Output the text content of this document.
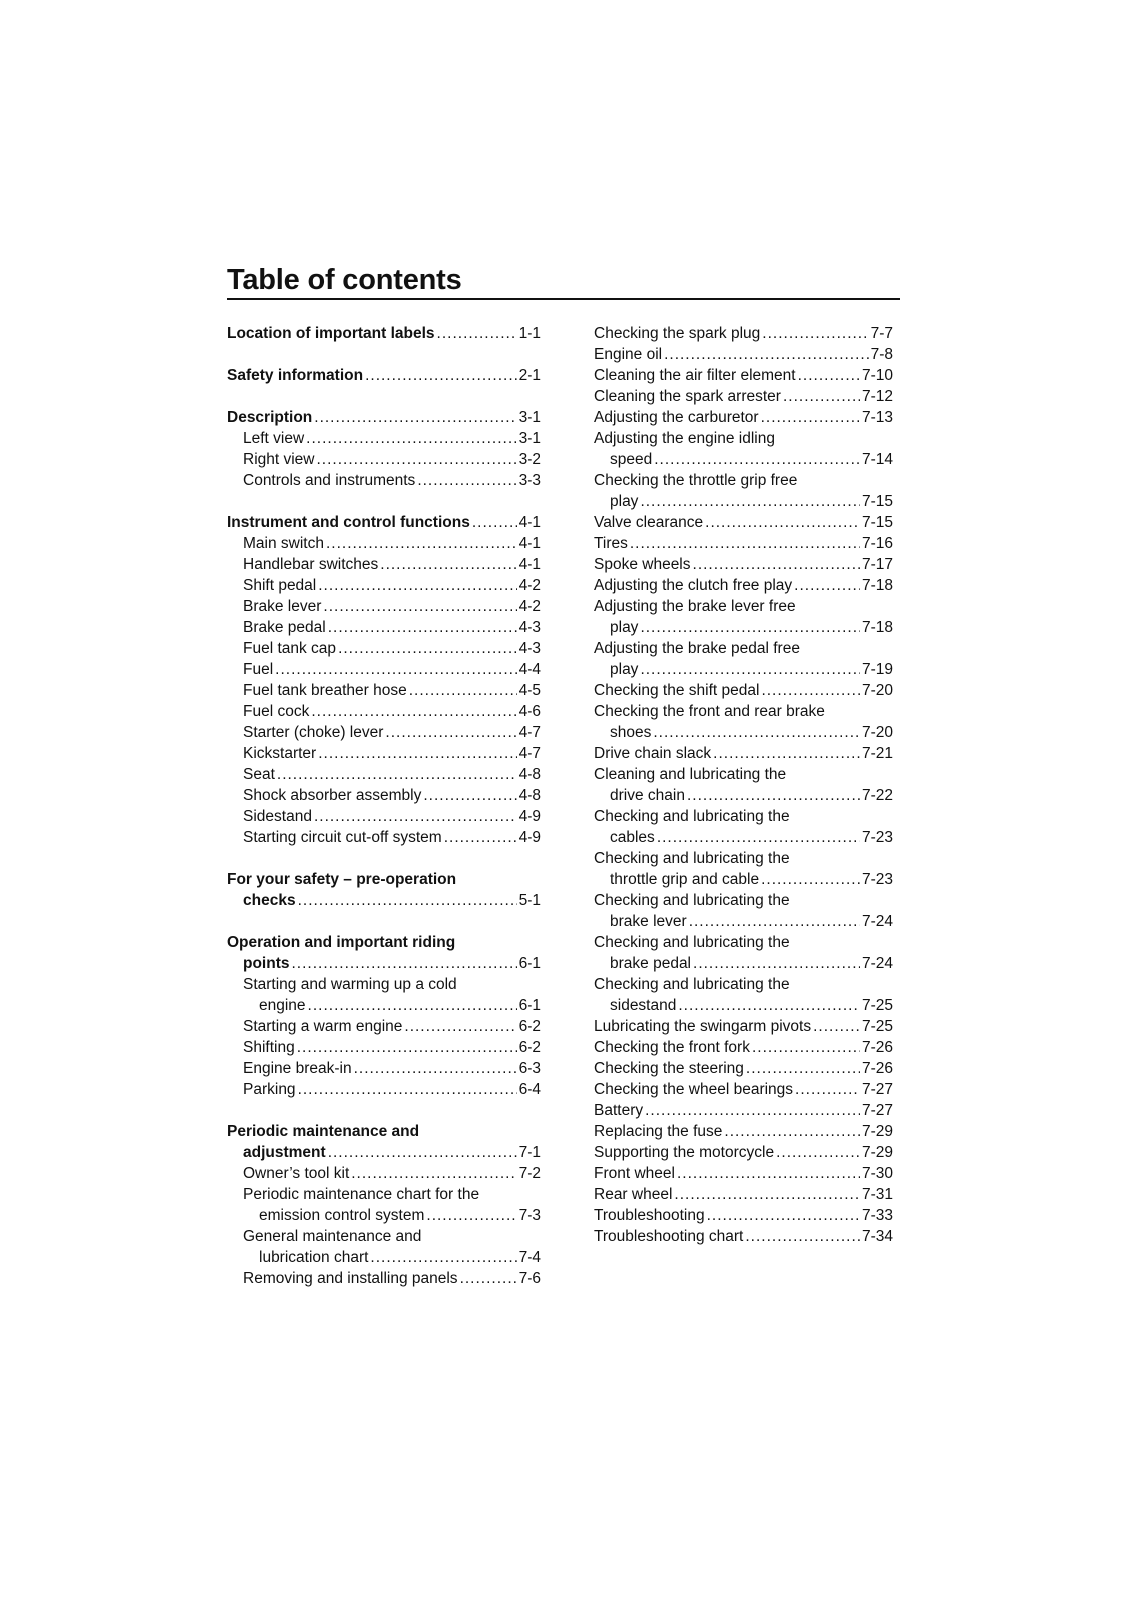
Table of contents
Location of important labels .....	1-1
Safety information .....	2-1
Description .....	3-1
Left view .....	3-1
Right view .....	3-2
Controls and instruments .....	3-3
Instrument and control functions .....	4-1
Main switch .....	4-1
Handlebar switches .....	4-1
Shift pedal .....	4-2
Brake lever .....	4-2
Brake pedal .....	4-3
Fuel tank cap .....	4-3
Fuel .....	4-4
Fuel tank breather hose .....	4-5
Fuel cock .....	4-6
Starter (choke) lever .....	4-7
Kickstarter .....	4-7
Seat .....	4-8
Shock absorber assembly .....	4-8
Sidestand .....	4-9
Starting circuit cut-off system .....	4-9
For your safety – pre-operation
checks .....	5-1
Operation and important riding
points .....	6-1
Starting and warming up a cold
engine .....	6-1
Starting a warm engine .....	6-2
Shifting .....	6-2
Engine break-in .....	6-3
Parking .....	6-4
Periodic maintenance and
adjustment .....	7-1
Owner’s tool kit .....	7-2
Periodic maintenance chart for the
emission control system .....	7-3
General maintenance and
lubrication chart .....	7-4
Removing and installing panels .....	7-6
Checking the spark plug .....	7-7
Engine oil .....	7-8
Cleaning the air filter element .....	7-10
Cleaning the spark arrester .....	7-12
Adjusting the carburetor .....	7-13
Adjusting the engine idling
speed .....	7-14
Checking the throttle grip free
play .....	7-15
Valve clearance .....	7-15
Tires .....	7-16
Spoke wheels .....	7-17
Adjusting the clutch free play .....	7-18
Adjusting the brake lever free
play .....	7-18
Adjusting the brake pedal free
play .....	7-19
Checking the shift pedal .....	7-20
Checking the front and rear brake
shoes .....	7-20
Drive chain slack .....	7-21
Cleaning and lubricating the
drive chain .....	7-22
Checking and lubricating the
cables .....	7-23
Checking and lubricating the
throttle grip and cable .....	7-23
Checking and lubricating the
brake lever .....	7-24
Checking and lubricating the
brake pedal .....	7-24
Checking and lubricating the
sidestand .....	7-25
Lubricating the swingarm pivots .....	7-25
Checking the front fork .....	7-26
Checking the steering .....	7-26
Checking the wheel bearings .....	7-27
Battery .....	7-27
Replacing the fuse .....	7-29
Supporting the motorcycle .....	7-29
Front wheel .....	7-30
Rear wheel .....	7-31
Troubleshooting .....	7-33
Troubleshooting chart .....	7-34
